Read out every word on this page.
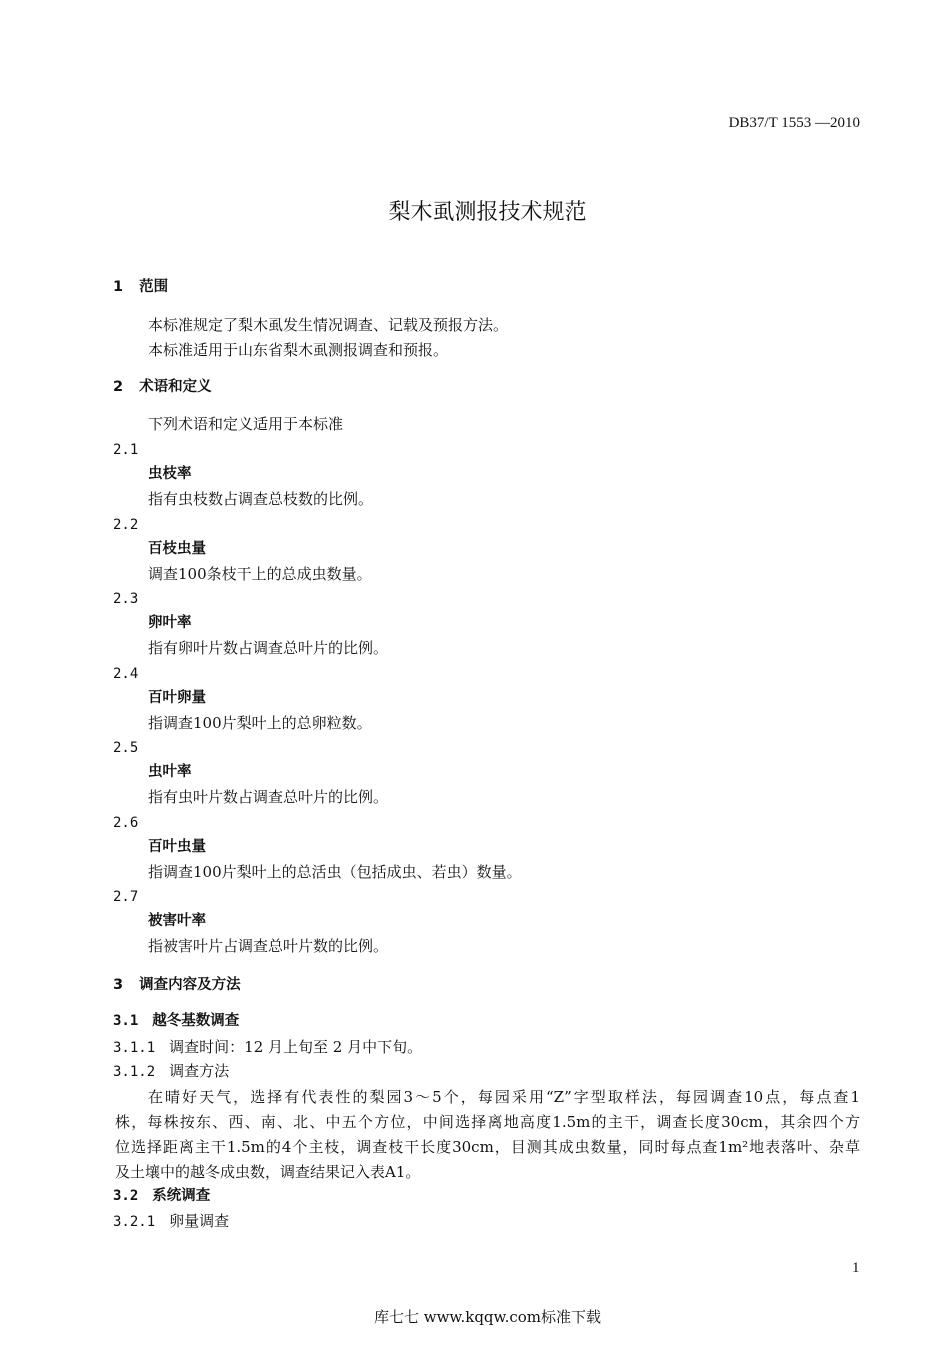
DB37/T 1553 —2010
梨木虱测报技术规范
1 范围
本标准规定了梨木虱发生情况调查、记载及预报方法。
本标准适用于山东省梨木虱测报调查和预报。
2 术语和定义
下列术语和定义适用于本标准
2.1
虫枝率
指有虫枝数占调查总枝数的比例。
2.2
百枝虫量
调查100条枝干上的总成虫数量。
2.3
卵叶率
指有卵叶片数占调查总叶片的比例。
2.4
百叶卵量
指调查100片梨叶上的总卵粒数。
2.5
虫叶率
指有虫叶片数占调查总叶片的比例。
2.6
百叶虫量
指调查100片梨叶上的总活虫（包括成虫、若虫）数量。
2.7
被害叶率
指被害叶片占调查总叶片数的比例。
3 调查内容及方法
3.1 越冬基数调查
3.1.1 调查时间：12 月上旬至 2 月中下旬。
3.1.2 调查方法
在晴好天气，选择有代表性的梨园3～5个，每园采用“Z”字型取样法，每园调查10点，每点查1
株，每株按东、西、南、北、中五个方位，中间选择离地高度1.5m的主干，调查长度30cm，其余四个方
位选择距离主干1.5m的4个主枝，调查枝干长度30cm，目测其成虫数量，同时每点查1m²地表落叶、杂草
及土壤中的越冬成虫数，调查结果记入表A1。
3.2 系统调查
3.2.1 卵量调查
1
库七七 www.kqqw.com标准下载
